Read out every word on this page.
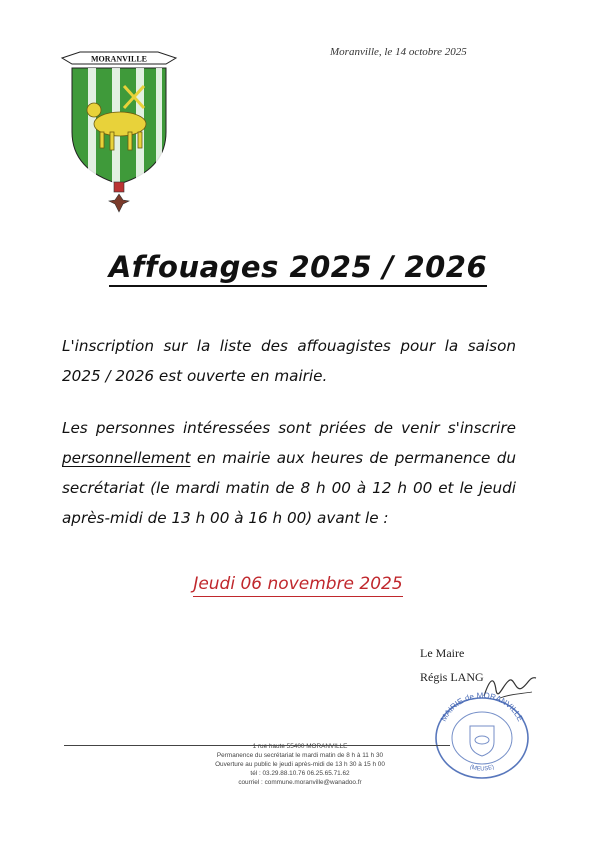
MORANVILLE
Moranville, le 14 octobre 2025
Affouages 2025 / 2026
L'inscription sur la liste des affouagistes pour la saison 2025 / 2026 est ouverte en mairie.
Les personnes intéressées sont priées de venir s'inscrire personnellement en mairie aux heures de permanence du secrétariat (le mardi matin de 8 h 00 à 12 h 00 et le jeudi après-midi de 13 h 00 à 16 h 00) avant le :
Jeudi 06 novembre 2025
Le Maire
Régis LANG
MAIRIE de MORANVILLE
(MEUSE)
1 rue haute 55400 MORANVILLE
Permanence du secrétariat le mardi matin de 8 h à 11 h 30
Ouverture au public le jeudi après-midi de 13 h 30 à 15 h 00
tél : 03.29.88.10.76 06.25.65.71.62
courriel : commune.moranville@wanadoo.fr
